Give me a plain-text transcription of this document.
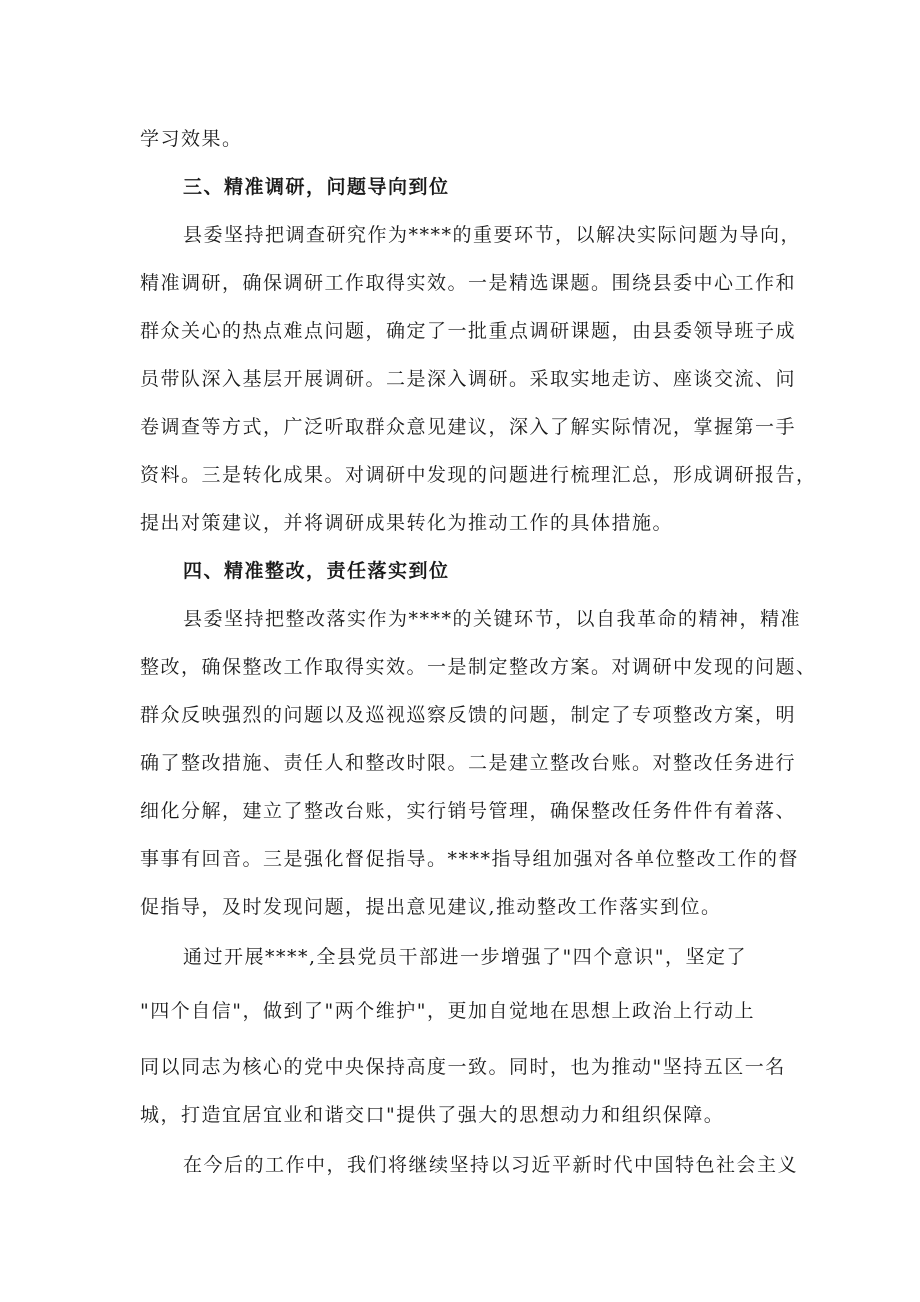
学习效果。
三、精准调研，问题导向到位
县委坚持把调查研究作为****的重要环节，以解决实际问题为导向，
精准调研，确保调研工作取得实效。一是精选课题。围绕县委中心工作和
群众关心的热点难点问题，确定了一批重点调研课题，由县委领导班子成
员带队深入基层开展调研。二是深入调研。采取实地走访、座谈交流、问
卷调查等方式，广泛听取群众意见建议，深入了解实际情况，掌握第一手
资料。三是转化成果。对调研中发现的问题进行梳理汇总，形成调研报告，
提出对策建议，并将调研成果转化为推动工作的具体措施。
四、精准整改，责任落实到位
县委坚持把整改落实作为****的关键环节，以自我革命的精神，精准
整改，确保整改工作取得实效。一是制定整改方案。对调研中发现的问题、
群众反映强烈的问题以及巡视巡察反馈的问题，制定了专项整改方案，明
确了整改措施、责任人和整改时限。二是建立整改台账。对整改任务进行
细化分解，建立了整改台账，实行销号管理，确保整改任务件件有着落、
事事有回音。三是强化督促指导。****指导组加强对各单位整改工作的督
促指导，及时发现问题，提出意见建议,推动整改工作落实到位。
通过开展****,全县党员干部进一步增强了"四个意识"，坚定了
"四个自信"，做到了"两个维护"，更加自觉地在思想上政治上行动上
同以同志为核心的党中央保持高度一致。同时，也为推动"坚持五区一名
城，打造宜居宜业和谐交口"提供了强大的思想动力和组织保障。
在今后的工作中，我们将继续坚持以习近平新时代中国特色社会主义
